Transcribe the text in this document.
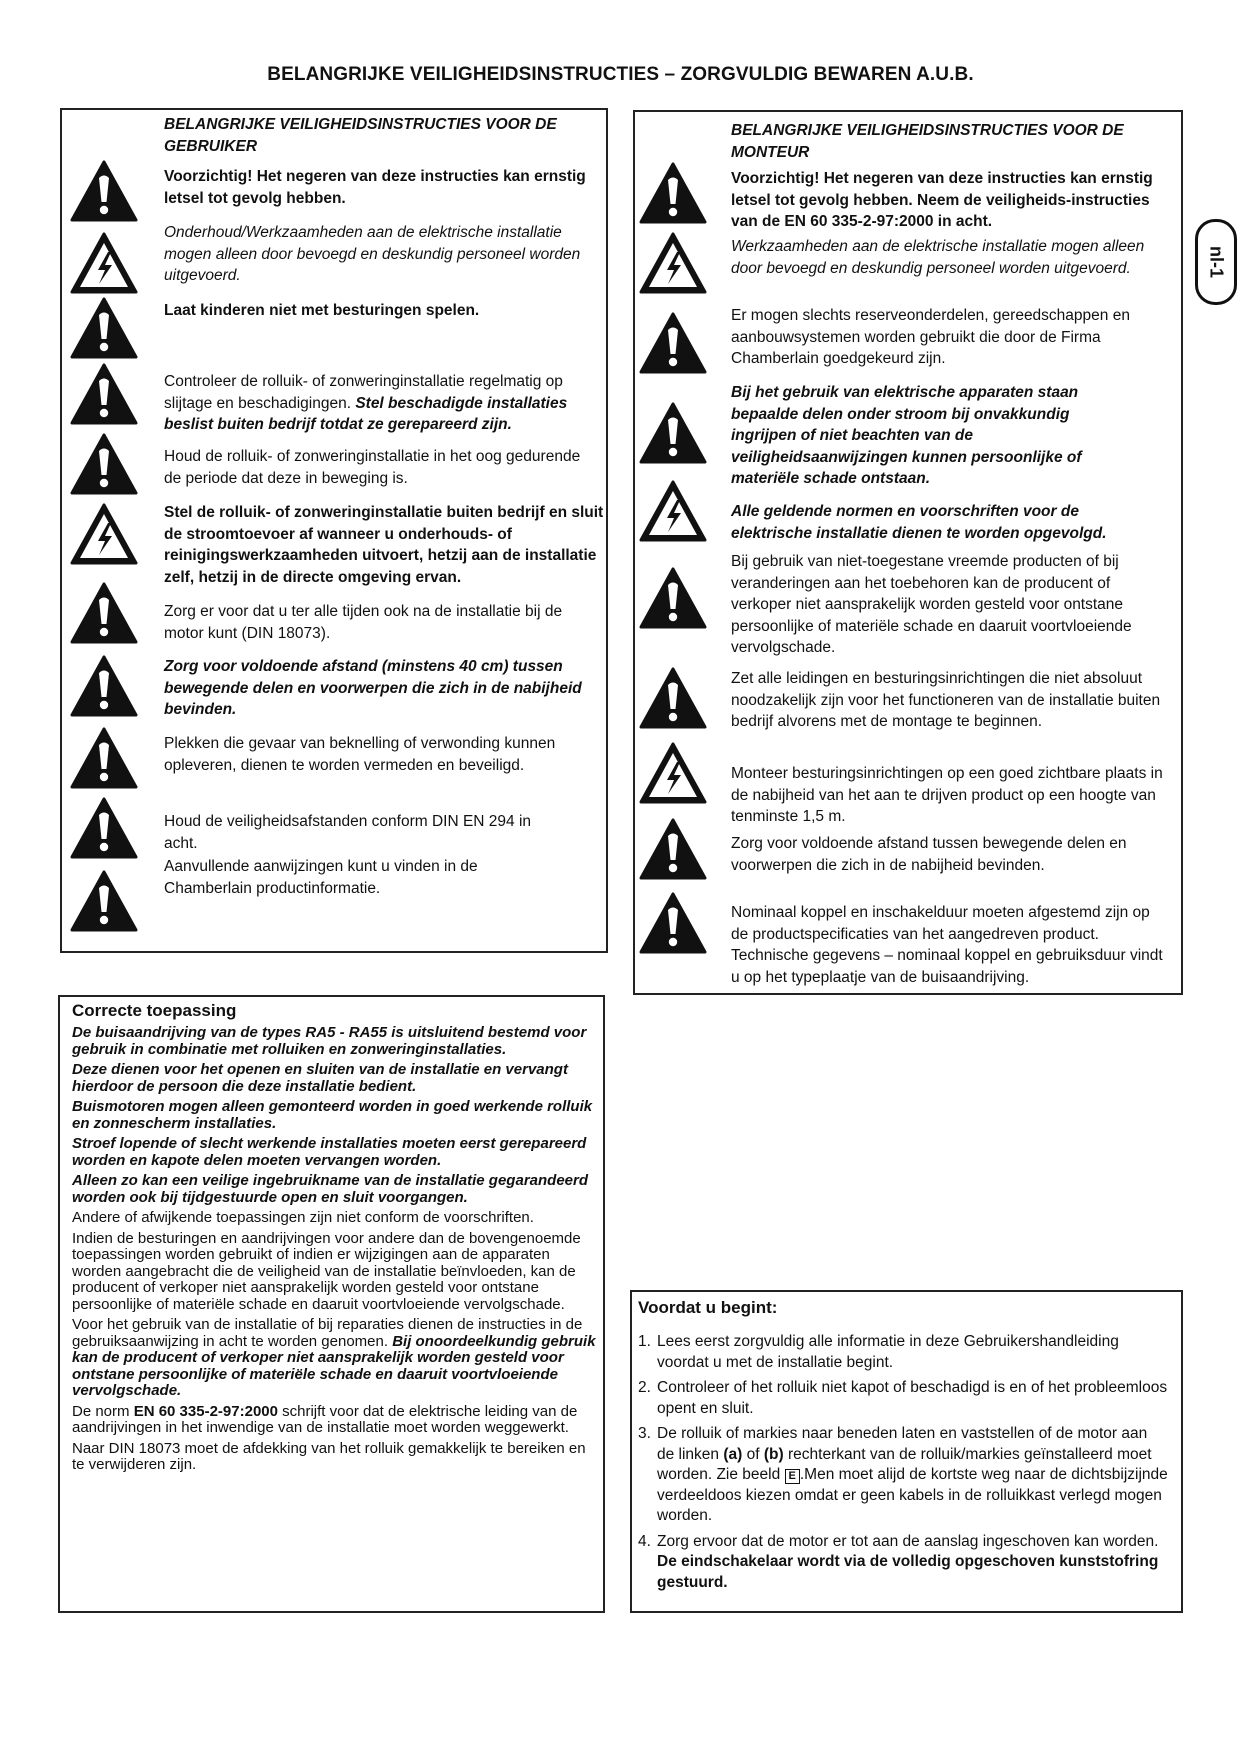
BELANGRIJKE VEILIGHEIDSINSTRUCTIES – ZORGVULDIG BEWAREN A.U.B.
nl-1
BELANGRIJKE VEILIGHEIDSINSTRUCTIES VOOR DE
GEBRUIKER
Voorzichtig! Het negeren van deze instructies kan ernstig letsel tot gevolg hebben.
Onderhoud/Werkzaamheden aan de elektrische installatie mogen alleen door bevoegd en deskundig personeel worden uitgevoerd.
Laat kinderen niet met besturingen spelen.
Controleer de rolluik- of zonweringinstallatie regelmatig op slijtage en beschadigingen. Stel beschadigde installaties beslist buiten bedrijf totdat ze gerepareerd zijn.
Houd de rolluik- of zonweringinstallatie in het oog gedurende de periode dat deze in beweging is.
Stel de rolluik- of zonweringinstallatie buiten bedrijf en sluit de stroomtoevoer af wanneer u onderhouds- of reinigingswerkzaamheden uitvoert, hetzij aan de installatie zelf, hetzij in de directe omgeving ervan.
Zorg er voor dat u ter alle tijden ook na de installatie bij de motor kunt (DIN 18073).
Zorg voor voldoende afstand (minstens 40 cm) tussen bewegende delen en voorwerpen die zich in de nabijheid bevinden.
Plekken die gevaar van beknelling of verwonding kunnen opleveren, dienen te worden vermeden en beveiligd.
Houd de veiligheidsafstanden conform DIN EN 294 in acht.
Aanvullende aanwijzingen kunt u vinden in de Chamberlain productinformatie.
BELANGRIJKE VEILIGHEIDSINSTRUCTIES VOOR DE
MONTEUR
Voorzichtig! Het negeren van deze instructies kan ernstig letsel tot gevolg hebben. Neem de veiligheids-instructies van de EN 60 335-2-97:2000 in acht.
Werkzaamheden aan de elektrische installatie mogen alleen door bevoegd en deskundig personeel worden uitgevoerd.
Er mogen slechts reserveonderdelen, gereedschappen en aanbouwsystemen worden gebruikt die door de Firma Chamberlain goedgekeurd zijn.
Bij het gebruik van elektrische apparaten staan bepaalde delen onder stroom bij onvakkundig ingrijpen of niet beachten van de veiligheidsaanwijzingen kunnen persoonlijke of materiële schade ontstaan.
Alle geldende normen en voorschriften voor de elektrische installatie dienen te worden opgevolgd.
Bij gebruik van niet-toegestane vreemde producten of bij veranderingen aan het toebehoren kan de producent of verkoper niet aansprakelijk worden gesteld voor ontstane persoonlijke of materiële schade en daaruit voortvloeiende vervolgschade.
Zet alle leidingen en besturingsinrichtingen die niet absoluut noodzakelijk zijn voor het functioneren van de installatie buiten bedrijf alvorens met de montage te beginnen.
Monteer besturingsinrichtingen op een goed zichtbare plaats in de nabijheid van het aan te drijven product op een hoogte van tenminste 1,5 m.
Zorg voor voldoende afstand tussen bewegende delen en voorwerpen die zich in de nabijheid bevinden.
Nominaal koppel en inschakelduur moeten afgestemd zijn op de productspecificaties van het aangedreven product. Technische gegevens – nominaal koppel en gebruiksduur vindt u op het typeplaatje van de buisaandrijving.
Correcte toepassing

De buisaandrijving van de types RA5 - RA55 is uitsluitend bestemd voor gebruik in combinatie met rolluiken en zonweringinstallaties.

Deze dienen voor het openen en sluiten van de installatie en vervangt hierdoor de persoon die deze installatie bedient.

Buismotoren mogen alleen gemonteerd worden in goed werkende rolluik en zonnescherm installaties.

Stroef lopende of slecht werkende installaties moeten eerst gerepareerd worden en kapote delen moeten vervangen worden.

Alleen zo kan een veilige ingebruikname van de installatie gegarandeerd worden ook bij tijdgestuurde open en sluit voorgangen.

Andere of afwijkende toepassingen zijn niet conform de voorschriften.

Indien de besturingen en aandrijvingen voor andere dan de bovengenoemde toepassingen worden gebruikt of indien er wijzigingen aan de apparaten worden aangebracht die de veiligheid van de installatie beïnvloeden, kan de producent of verkoper niet aansprakelijk worden gesteld voor ontstane persoonlijke of materiële schade en daaruit voortvloeiende vervolgschade.

Voor het gebruik van de installatie of bij reparaties dienen de instructies in de gebruiksaanwijzing in acht te worden genomen. Bij onoordeelkundig gebruik kan de producent of verkoper niet aansprakelijk worden gesteld voor ontstane persoonlijke of materiële schade en daaruit voortvloeiende vervolgschade.

De norm EN 60 335-2-97:2000 schrijft voor dat de elektrische leiding van de aandrijvingen in het inwendige van de installatie moet worden weggewerkt.

Naar DIN 18073 moet de afdekking van het rolluik gemakkelijk te bereiken en te verwijderen zijn.

Voordat u begint:
1. Lees eerst zorgvuldig alle informatie in deze Gebruikershandleiding voordat u met de installatie begint.
2. Controleer of het rolluik niet kapot of beschadigd is en of het probleemloos opent en sluit.
3. De rolluik of markies naar beneden laten en vaststellen of de motor aan de linken (a) of (b) rechterkant van de rolluik/markies geïnstalleerd moet worden. Zie beeld E .Men moet alijd de kortste weg naar de dichtsbijzijnde verdeeldoos kiezen omdat er geen kabels in de rolluikkast verlegd mogen worden.
4. Zorg ervoor dat de motor er tot aan de aanslag ingeschoven kan worden. De eindschakelaar wordt via de volledig opgeschoven kunststofring gestuurd.
